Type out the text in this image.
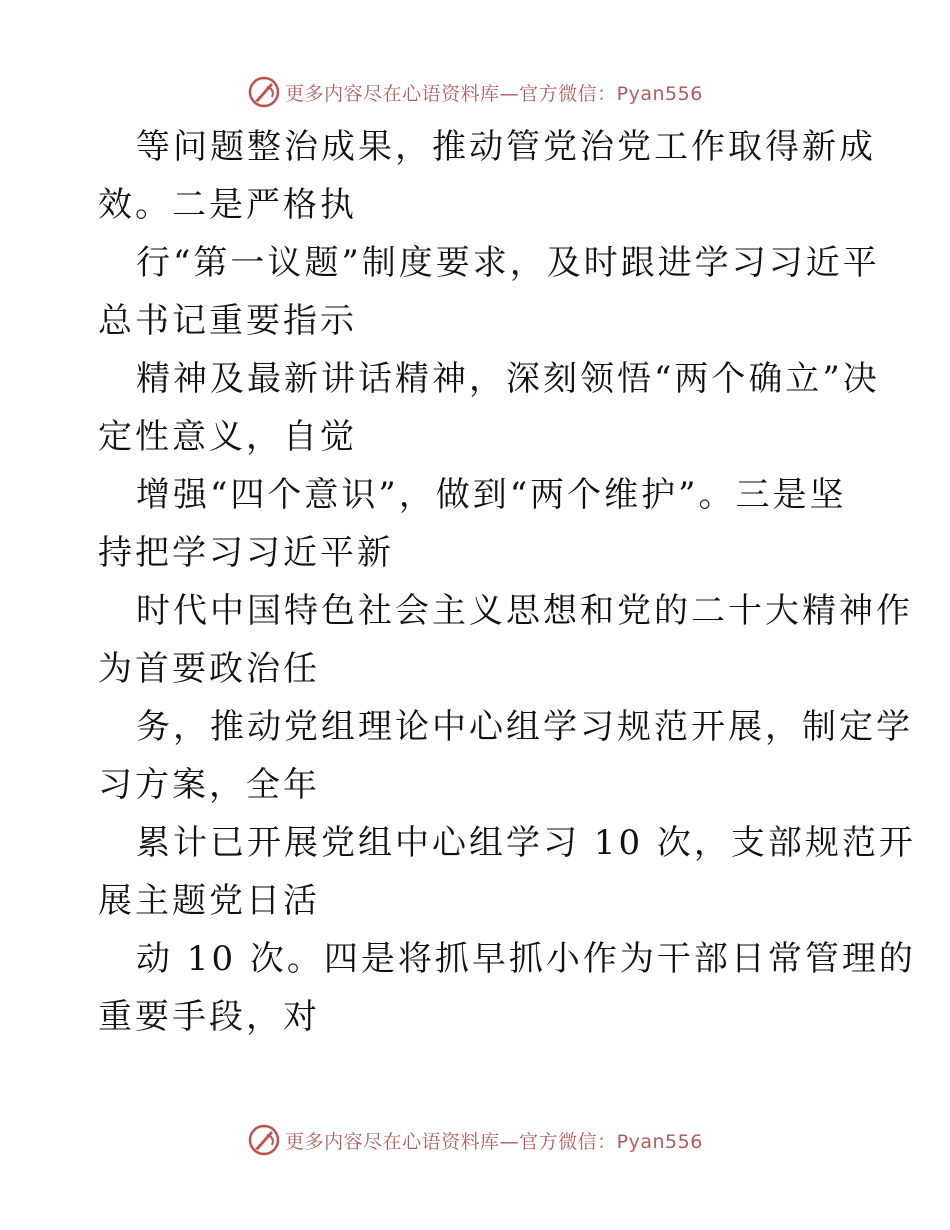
更多内容尽在心语资料库—官方微信：Pyan556
等问题整治成果，推动管党治党工作取得新成
效。二是严格执
行“第一议题”制度要求，及时跟进学习习近平
总书记重要指示
精神及最新讲话精神，深刻领悟“两个确立”决
定性意义，自觉
增强“四个意识”，做到“两个维护”。三是坚
持把学习习近平新
时代中国特色社会主义思想和党的二十大精神作
为首要政治任
务，推动党组理论中心组学习规范开展，制定学
习方案，全年
累计已开展党组中心组学习 10 次，支部规范开
展主题党日活
动 10 次。四是将抓早抓小作为干部日常管理的
重要手段，对
更多内容尽在心语资料库—官方微信：Pyan556
